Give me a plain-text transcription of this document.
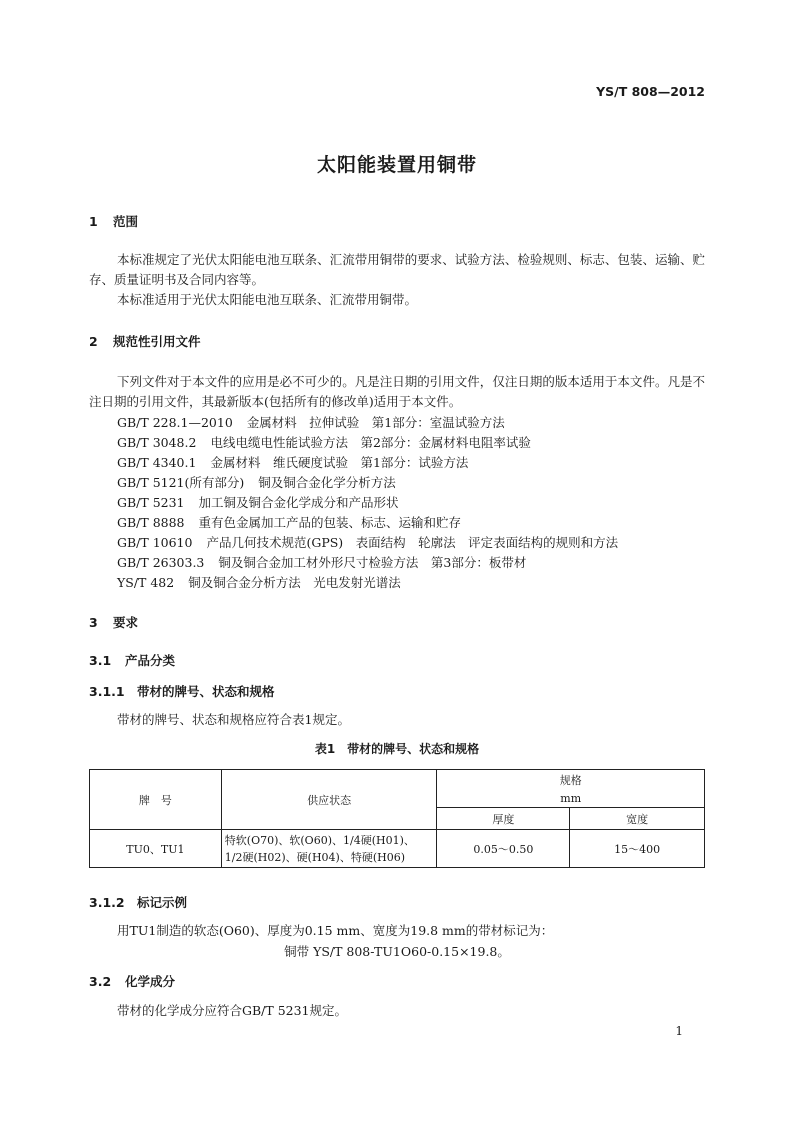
YS/T 808—2012
太阳能装置用铜带
1 范围
本标准规定了光伏太阳能电池互联条、汇流带用铜带的要求、试验方法、检验规则、标志、包装、运输、贮存、质量证明书及合同内容等。
本标准适用于光伏太阳能电池互联条、汇流带用铜带。
2 规范性引用文件
下列文件对于本文件的应用是必不可少的。凡是注日期的引用文件，仅注日期的版本适用于本文件。凡是不注日期的引用文件，其最新版本(包括所有的修改单)适用于本文件。
GB/T 228.1—2010 金属材料　拉伸试验　第1部分：室温试验方法
GB/T 3048.2 电线电缆电性能试验方法　第2部分：金属材料电阻率试验
GB/T 4340.1 金属材料　维氏硬度试验　第1部分：试验方法
GB/T 5121(所有部分) 铜及铜合金化学分析方法
GB/T 5231 加工铜及铜合金化学成分和产品形状
GB/T 8888 重有色金属加工产品的包装、标志、运输和贮存
GB/T 10610 产品几何技术规范(GPS)　表面结构　轮廓法　评定表面结构的规则和方法
GB/T 26303.3 铜及铜合金加工材外形尺寸检验方法　第3部分：板带材
YS/T 482 铜及铜合金分析方法　光电发射光谱法
3 要求
3.1 产品分类
3.1.1 带材的牌号、状态和规格
带材的牌号、状态和规格应符合表1规定。
表1　带材的牌号、状态和规格
牌　号	供应状态	规格	
		mm	
		厚度	宽度
TU0、TU1	特软(O70)、软(O60)、1/4硬(H01)、
1/2硬(H02)、硬(H04)、特硬(H06)	0.05～0.50	15～400
3.1.2 标记示例
用TU1制造的软态(O60)、厚度为0.15 mm、宽度为19.8 mm的带材标记为：
铜带 YS/T 808-TU1O60-0.15×19.8。
3.2 化学成分
带材的化学成分应符合GB/T 5231规定。
1
